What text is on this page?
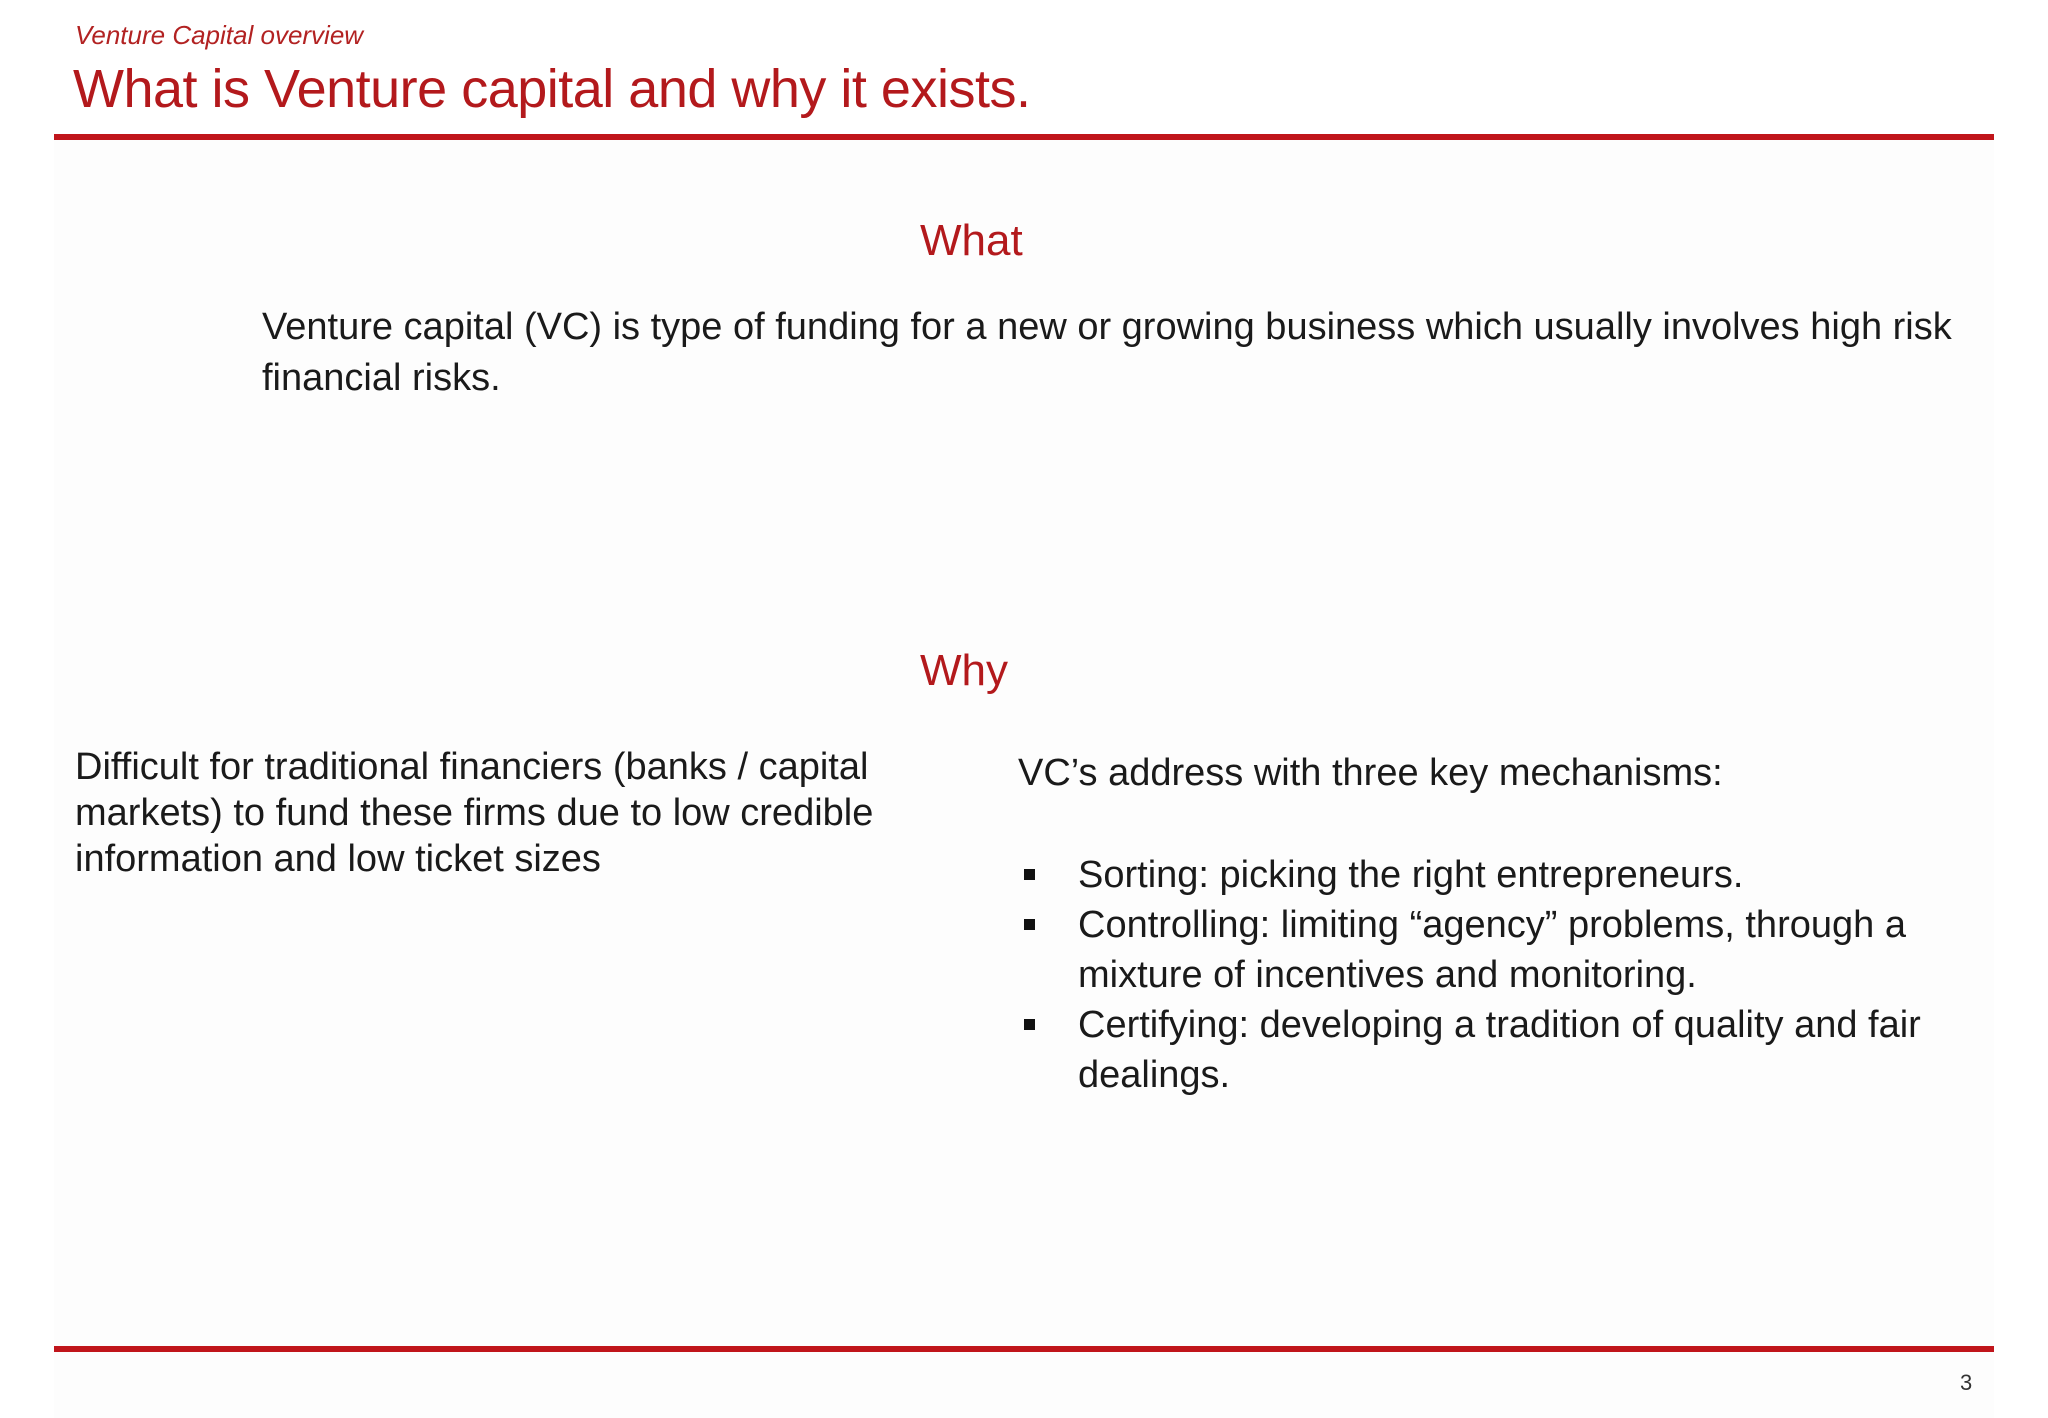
Venture Capital overview
What is Venture capital and why it exists.
What
Venture capital (VC) is type of funding for a new or growing business which usually involves high risk financial risks.
Why
Difficult for traditional financiers (banks / capital markets) to fund these firms due to low credible information and low ticket sizes
VC’s address with three key mechanisms:
Sorting: picking the right entrepreneurs.
Controlling: limiting “agency” problems, through a mixture of incentives and monitoring.
Certifying: developing a tradition of quality and fair dealings.
3
